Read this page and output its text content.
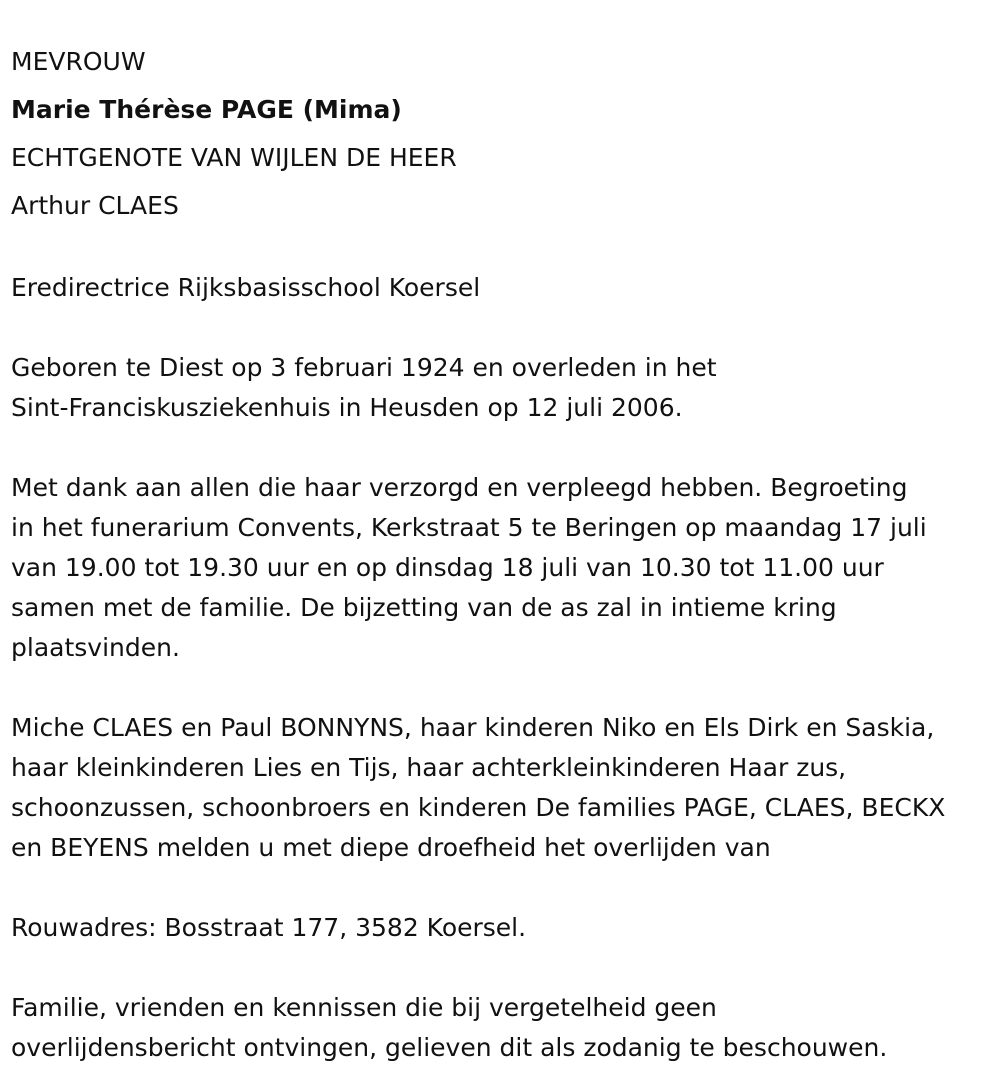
MEVROUW

Marie Thérèse PAGE (Mima)

ECHTGENOTE VAN WIJLEN DE HEER

Arthur CLAES

Eredirectrice Rijksbasisschool Koersel

Geboren te Diest op 3 februari 1924 en overleden in het
Sint-Franciskusziekenhuis in Heusden op 12 juli 2006.

Met dank aan allen die haar verzorgd en verpleegd hebben. Begroeting
in het funerarium Convents, Kerkstraat 5 te Beringen op maandag 17 juli
van 19.00 tot 19.30 uur en op dinsdag 18 juli van 10.30 tot 11.00 uur
samen met de familie. De bijzetting van de as zal in intieme kring
plaatsvinden.

Miche CLAES en Paul BONNYNS, haar kinderen Niko en Els Dirk en Saskia,
haar kleinkinderen Lies en Tijs, haar achterkleinkinderen Haar zus,
schoonzussen, schoonbroers en kinderen De families PAGE, CLAES, BECKX
en BEYENS melden u met diepe droefheid het overlijden van

Rouwadres: Bosstraat 177, 3582 Koersel.

Familie, vrienden en kennissen die bij vergetelheid geen
overlijdensbericht ontvingen, gelieven dit als zodanig te beschouwen.
